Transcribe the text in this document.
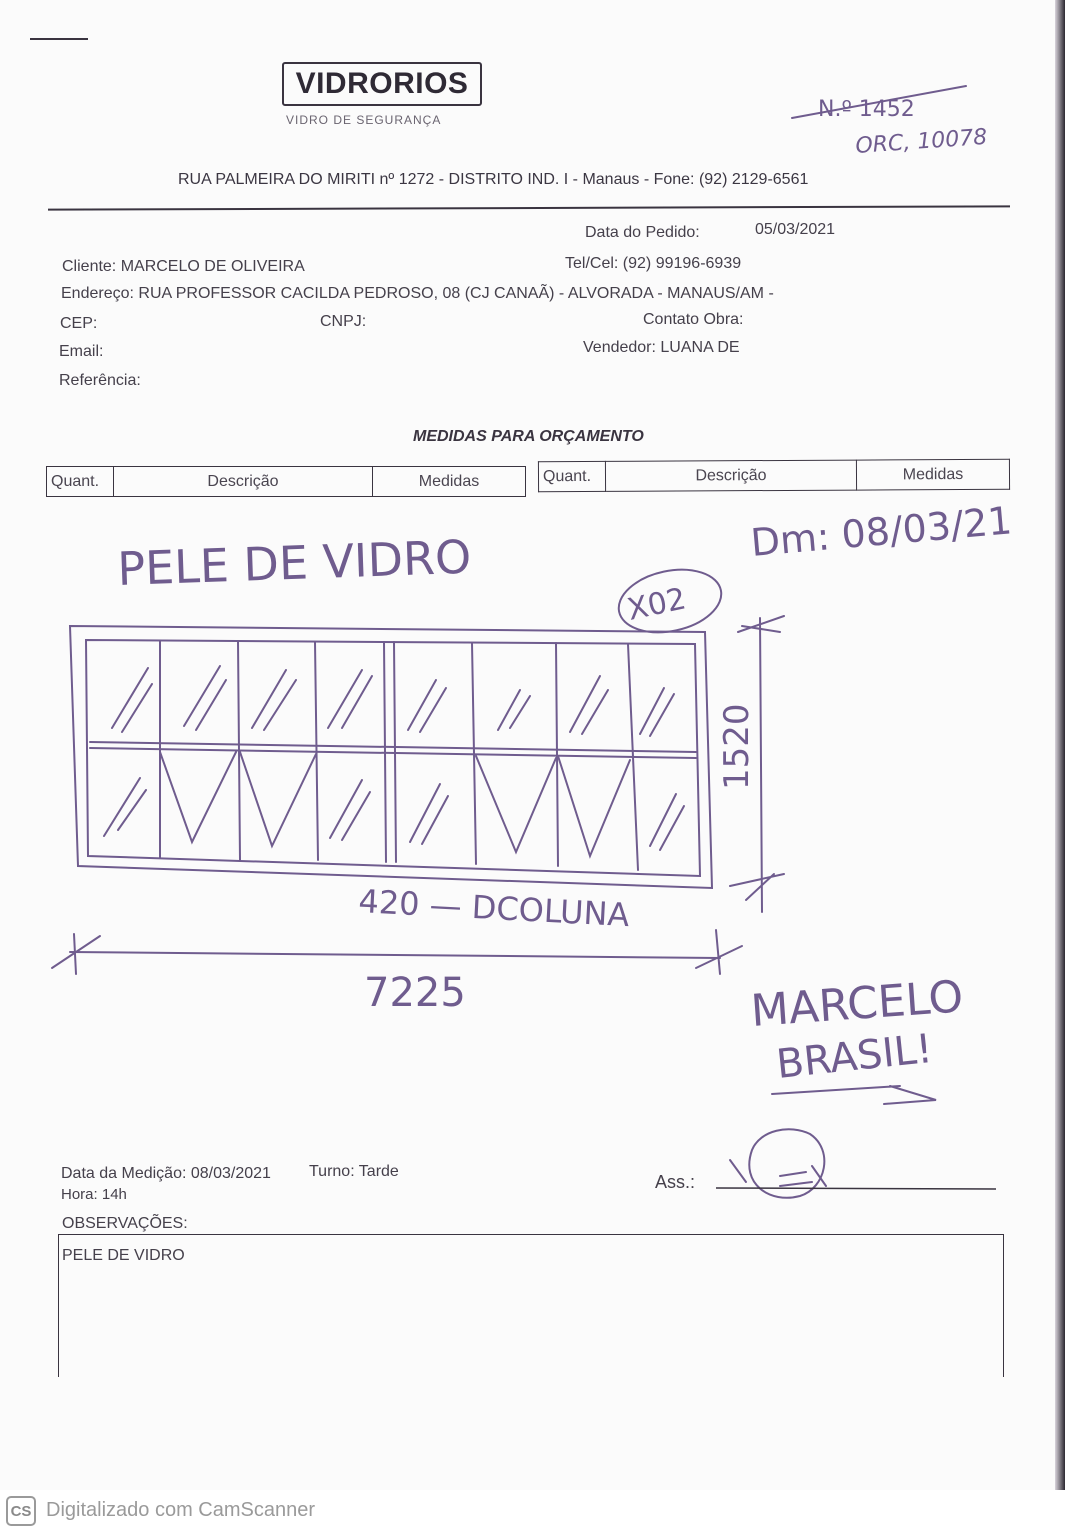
VIDRORIOS
VIDRO DE SEGURANÇA
RUA PALMEIRA DO MIRITI nº 1272 - DISTRITO IND. I - Manaus - Fone: (92) 2129-6561
Data do Pedido:	05/03/2021
Cliente: MARCELO DE OLIVEIRA	Tel/Cel: (92) 99196-6939
Endereço: RUA PROFESSOR CACILDA PEDROSO, 08 (CJ CANAÃ) - ALVORADA - MANAUS/AM -
CEP:	CNPJ:	Contato Obra:
Email:	Vendedor: LUANA DE
Referência:
MEDIDAS PARA ORÇAMENTO
Quant.	Descrição	Medidas	Quant.	Descrição	Medidas
N.º 1452
ORC, 10078
Dm: 08/03/21
PELE DE VIDRO
X02
1520
420 — DCOLUNA
7225	MARCELO
BRASIL!
Data da Medição: 08/03/2021 Turno: Tarde
Hora: 14h
Ass.:
OBSERVAÇÕES:
PELE DE VIDRO
CS Digitalizado com CamScanner
